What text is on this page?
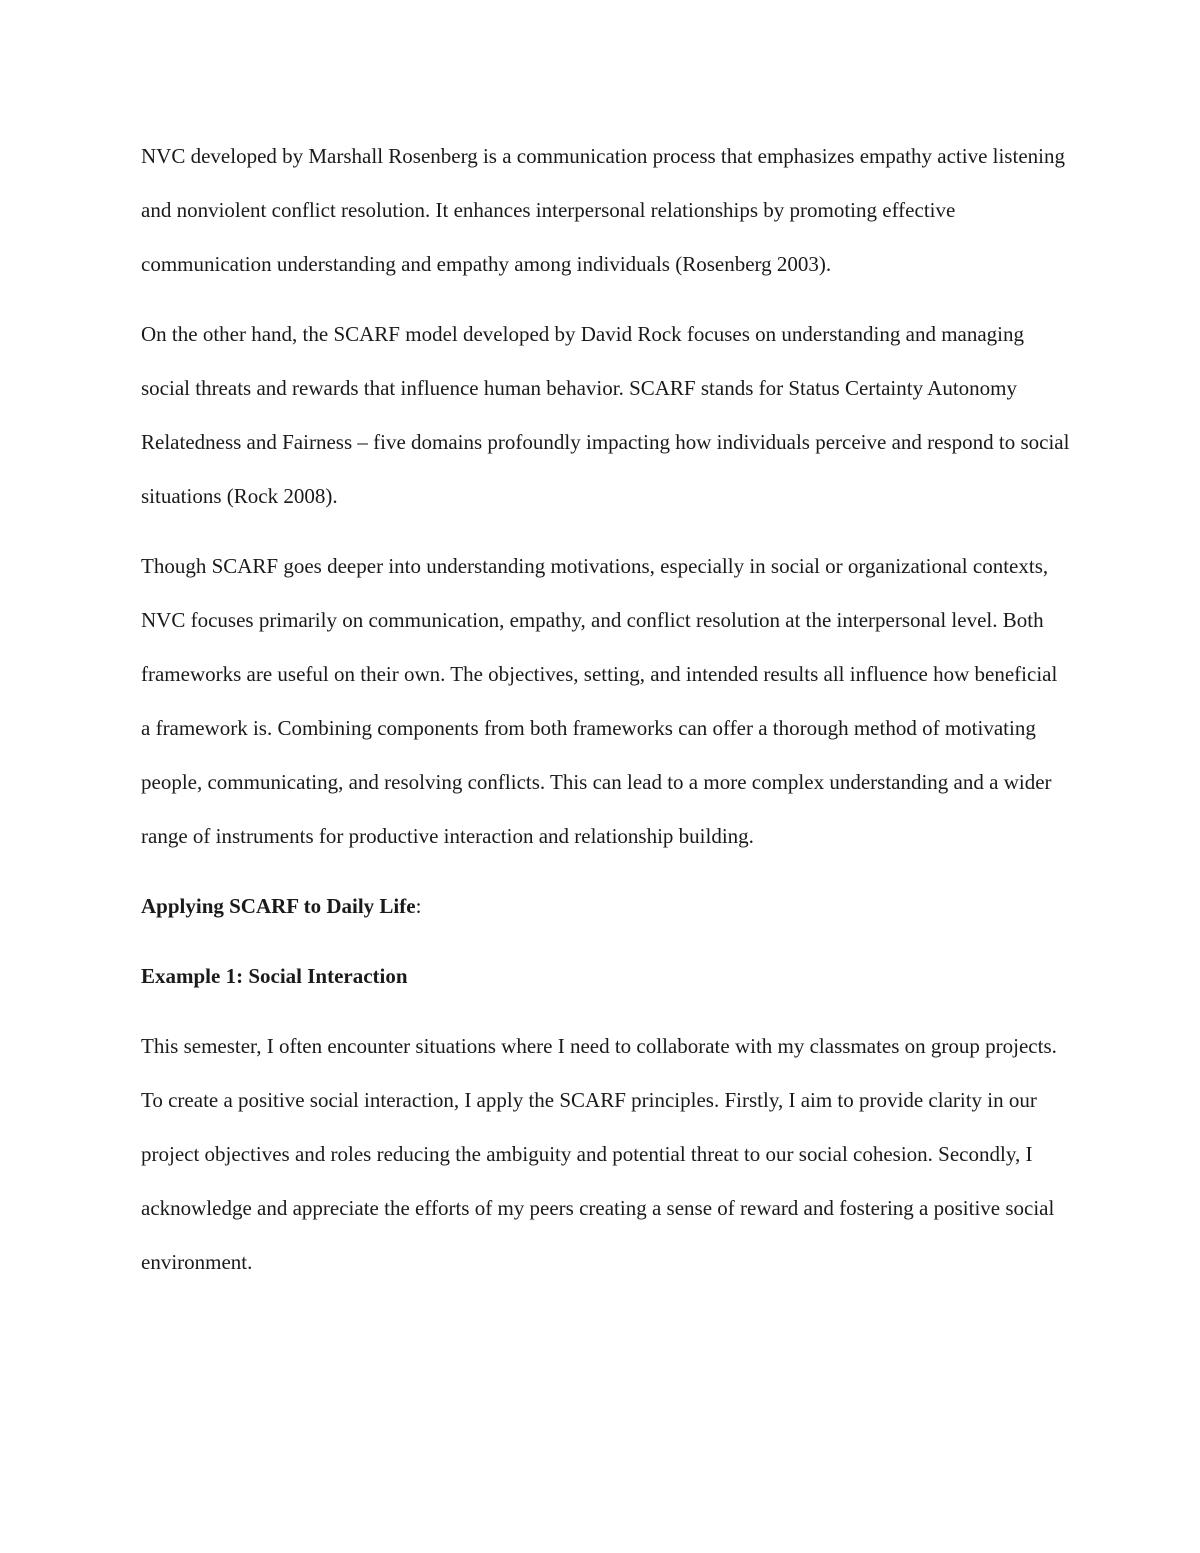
NVC developed by Marshall Rosenberg is a communication process that emphasizes empathy active listening and nonviolent conflict resolution. It enhances interpersonal relationships by promoting effective communication understanding and empathy among individuals (Rosenberg 2003).

On the other hand, the SCARF model developed by David Rock focuses on understanding and managing social threats and rewards that influence human behavior. SCARF stands for Status Certainty Autonomy Relatedness and Fairness – five domains profoundly impacting how individuals perceive and respond to social situations (Rock 2008).

Though SCARF goes deeper into understanding motivations, especially in social or organizational contexts, NVC focuses primarily on communication, empathy, and conflict resolution at the interpersonal level. Both frameworks are useful on their own. The objectives, setting, and intended results all influence how beneficial a framework is. Combining components from both frameworks can offer a thorough method of motivating people, communicating, and resolving conflicts. This can lead to a more complex understanding and a wider range of instruments for productive interaction and relationship building.

Applying SCARF to Daily Life:
Example 1: Social Interaction

This semester, I often encounter situations where I need to collaborate with my classmates on group projects. To create a positive social interaction, I apply the SCARF principles. Firstly, I aim to provide clarity in our project objectives and roles reducing the ambiguity and potential threat to our social cohesion. Secondly, I acknowledge and appreciate the efforts of my peers creating a sense of reward and fostering a positive social environment.
